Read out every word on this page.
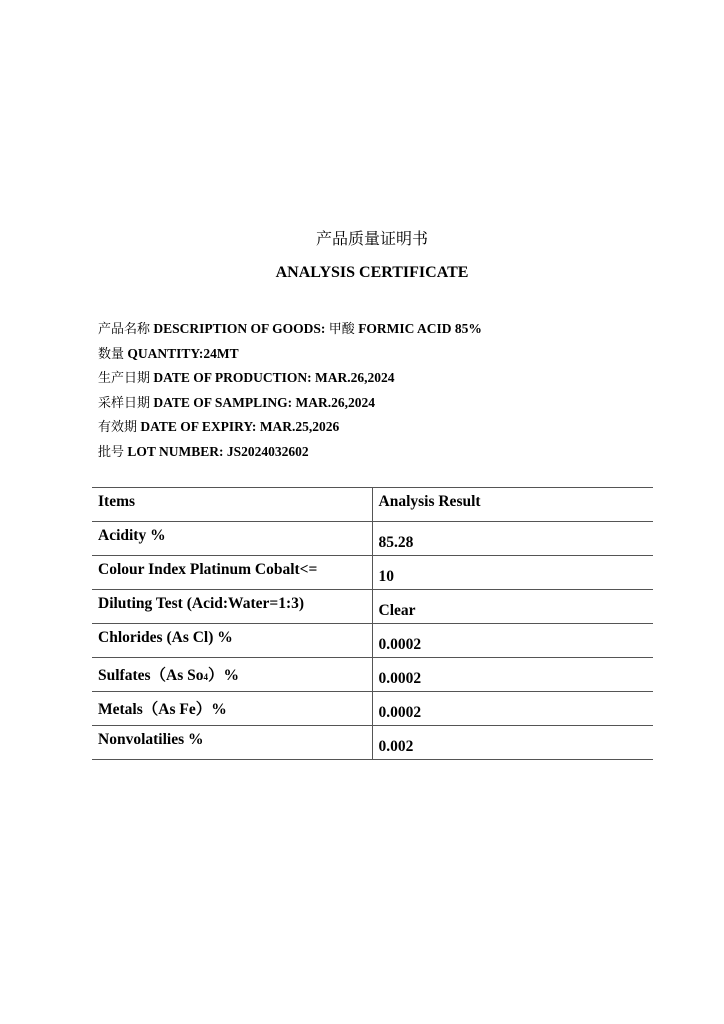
产品质量证明书
ANALYSIS CERTIFICATE
产品名称 DESCRIPTION OF GOODS: 甲酸 FORMIC ACID 85%
数量 QUANTITY:24MT
生产日期 DATE OF PRODUCTION: MAR.26,2024
采样日期 DATE OF SAMPLING: MAR.26,2024
有效期 DATE OF EXPIRY: MAR.25,2026
批号 LOT NUMBER: JS2024032602
Items	Analysis Result
Acidity %	85.28
Colour Index Platinum Cobalt<=	10
Diluting Test (Acid:Water=1:3)	Clear
Chlorides (As Cl) %	0.0002
Sulfates（As So4）%	0.0002
Metals（As Fe）%	0.0002
Nonvolatilies %	0.002
